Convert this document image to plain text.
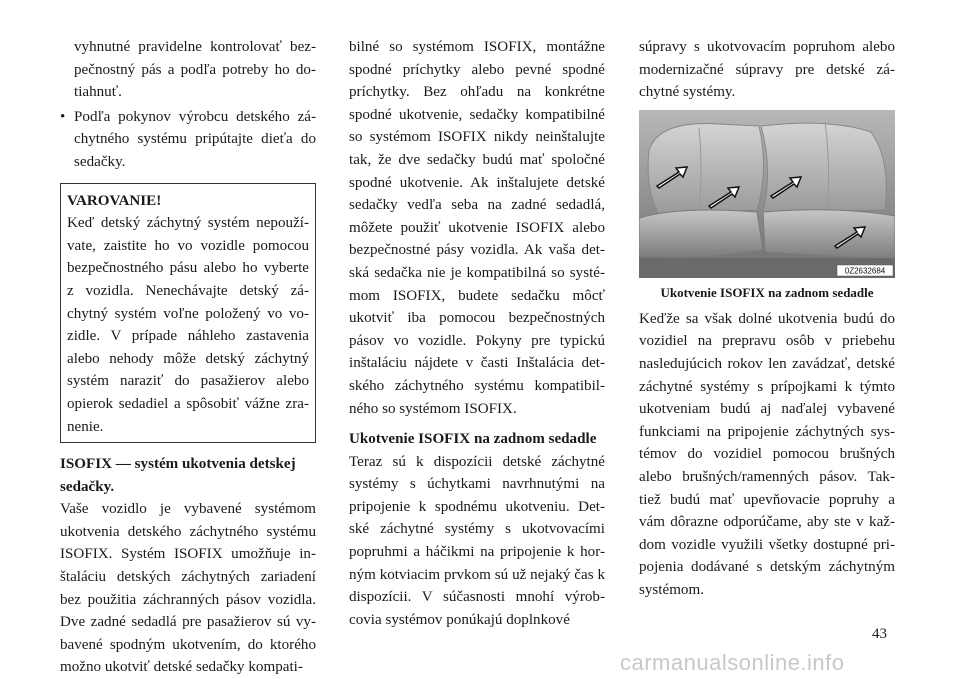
vyhnutné pravidelne kontrolovať bez-pečnostný pás a podľa potreby ho do-tiahnuť.

• Podľa pokynov výrobcu detského zá-chytného systému pripútajte dieťa do sedačky.
VAROVANIE!

Keď detský záchytný systém nepouží-vate, zaistite ho vo vozidle pomocou bezpečnostného pásu alebo ho vyberte z vozidla. Nenechávajte detský zá-chytný systém voľne položený vo vo-zidle. V prípade náhleho zastavenia alebo nehody môže detský záchytný systém naraziť do pasažierov alebo opierok sedadiel a spôsobiť vážne zra-nenie.

ISOFIX — systém ukotvenia detskej sedačky.

Vaše vozidlo je vybavené systémom ukotvenia detského záchytného systému ISOFIX. Systém ISOFIX umožňuje in-štaláciu detských záchytných zariadení bez použitia záchranných pásov vozidla. Dve zadné sedadlá pre pasažierov sú vy-bavené spodným ukotvením, do ktorého možno ukotviť detské sedačky kompati-

bilné so systémom ISOFIX, montážne spodné príchytky alebo pevné spodné príchytky. Bez ohľadu na konkrétne spodné ukotvenie, sedačky kompatibilné so systémom ISOFIX nikdy neinštalujte tak, že dve sedačky budú mať spoločné spodné ukotvenie. Ak inštalujete detské sedačky vedľa seba na zadné sedadlá, môžete použiť ukotvenie ISOFIX alebo bezpečnostné pásy vozidla. Ak vaša det-ská sedačka nie je kompatibilná so systé-mom ISOFIX, budete sedačku môcť ukotviť iba pomocou bezpečnostných pásov vo vozidle. Pokyny pre typickú inštaláciu nájdete v časti Inštalácia det-ského záchytného systému kompatibil-ného so systémom ISOFIX.

Ukotvenie ISOFIX na zadnom sedadle

Teraz sú k dispozícii detské záchytné systémy s úchytkami navrhnutými na pripojenie k spodnému ukotveniu. Det-ské záchytné systémy s ukotvovacími popruhmi a háčikmi na pripojenie k hor-ným kotviacim prvkom sú už nejaký čas k dispozícii. V súčasnosti mnohí výrob-covia systémov ponúkajú doplnkové

súpravy s ukotvovacím popruhom alebo modernizačné súpravy pre detské zá-chytné systémy.

0Z2632684
Ukotvenie ISOFIX na zadnom sedadle

Keďže sa však dolné ukotvenia budú do vozidiel na prepravu osôb v priebehu nasledujúcich rokov len zavádzať, detské záchytné systémy s prípojkami k týmto ukotveniam budú aj naďalej vybavené funkciami na pripojenie záchytných sys-témov do vozidiel pomocou brušných alebo brušných/ramenných pásov. Tak-tiež budú mať upevňovacie popruhy a vám dôrazne odporúčame, aby ste v kaž-dom vozidle využili všetky dostupné pri-pojenia dodávané s detským záchytným systémom.

43
carmanualsonline.info
